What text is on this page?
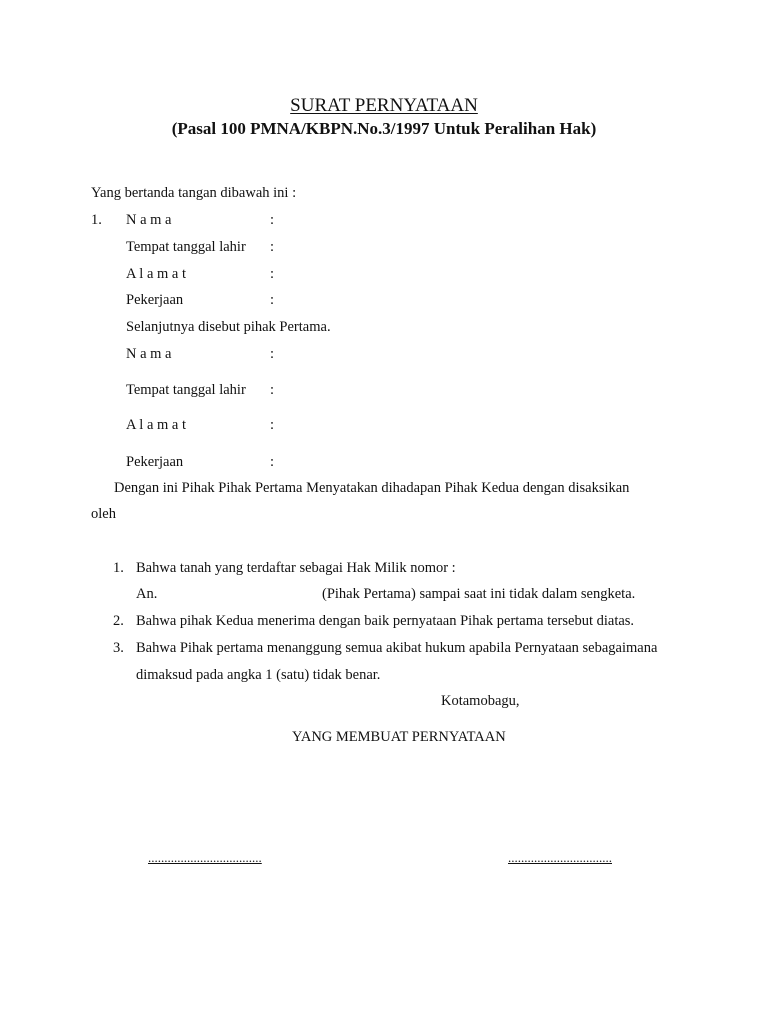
SURAT PERNYATAAN
(Pasal 100 PMNA/KBPN.No.3/1997 Untuk Peralihan Hak)
Yang bertanda tangan dibawah ini :
1. N a m a	:
Tempat tanggal lahir :
A l a m a t	:
Pekerjaan	:
Selanjutnya disebut pihak Pertama.
N a m a	:
Tempat tanggal lahir :
A l a m a t	:
Pekerjaan	:
Dengan ini Pihak Pihak Pertama Menyatakan dihadapan Pihak Kedua dengan disaksikan
oleh
1. Bahwa tanah yang terdaftar sebagai Hak Milik nomor :
An.	(Pihak Pertama) sampai saat ini tidak dalam sengketa.
2. Bahwa pihak Kedua menerima dengan baik pernyataan Pihak pertama tersebut diatas.
3. Bahwa Pihak pertama menanggung semua akibat hukum apabila Pernyataan sebagaimana
dimaksud pada angka 1 (satu) tidak benar.
Kotamobagu,
YANG MEMBUAT PERNYATAAN
...................................	................................
